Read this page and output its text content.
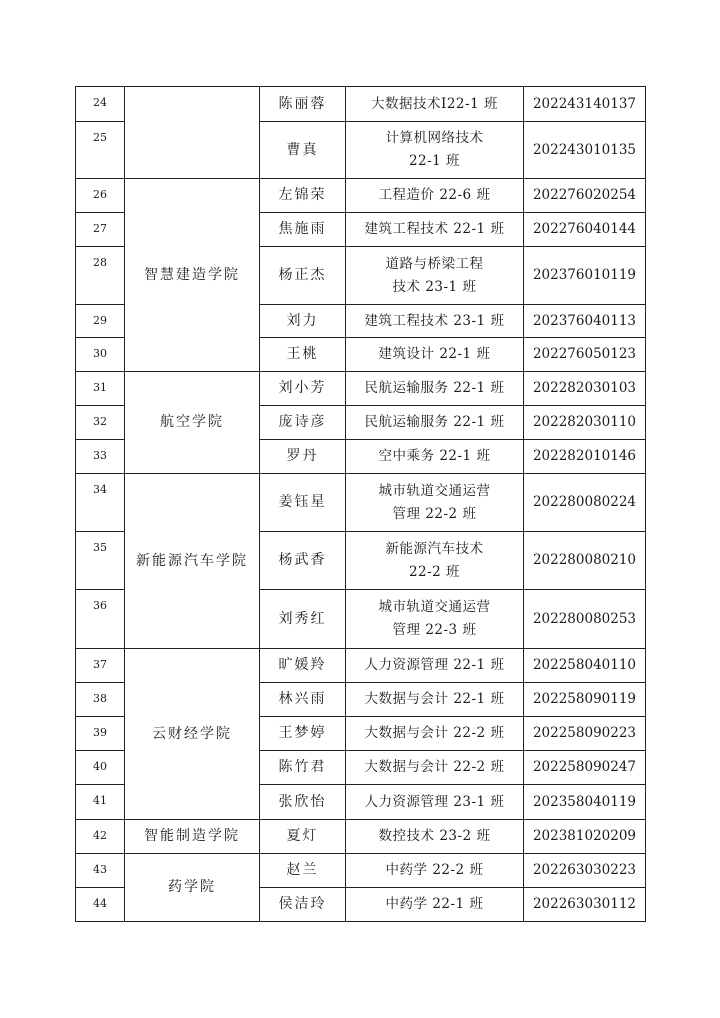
24		陈丽蓉	大数据技术Ⅰ22-1 班	202243140137
25		曹真	计算机网络技术
22-1 班	202243010135
26	智慧建造学院	左锦荣	工程造价 22-6 班	202276020254
27		焦施雨	建筑工程技术 22-1 班	202276040144
28		杨正杰	道路与桥梁工程
技术 23-1 班	202376010119
29		刘力	建筑工程技术 23-1 班	202376040113
30		王桃	建筑设计 22-1 班	202276050123
31	航空学院	刘小芳	民航运输服务 22-1 班	202282030103
32		庞诗彦	民航运输服务 22-1 班	202282030110
33		罗丹	空中乘务 22-1 班	202282010146
34	新能源汽车学院	姜钰星	城市轨道交通运营
管理 22-2 班	202280080224
35		杨武香	新能源汽车技术
22-2 班	202280080210
36		刘秀红	城市轨道交通运营
管理 22-3 班	202280080253
37	云财经学院	旷媛羚	人力资源管理 22-1 班	202258040110
38		林兴雨	大数据与会计 22-1 班	202258090119
39		王梦婷	大数据与会计 22-2 班	202258090223
40		陈竹君	大数据与会计 22-2 班	202258090247
41		张欣怡	人力资源管理 23-1 班	202358040119
42	智能制造学院	夏灯	数控技术 23-2 班	202381020209
43	药学院	赵兰	中药学 22-2 班	202263030223
44		侯洁玲	中药学 22-1 班	202263030112
